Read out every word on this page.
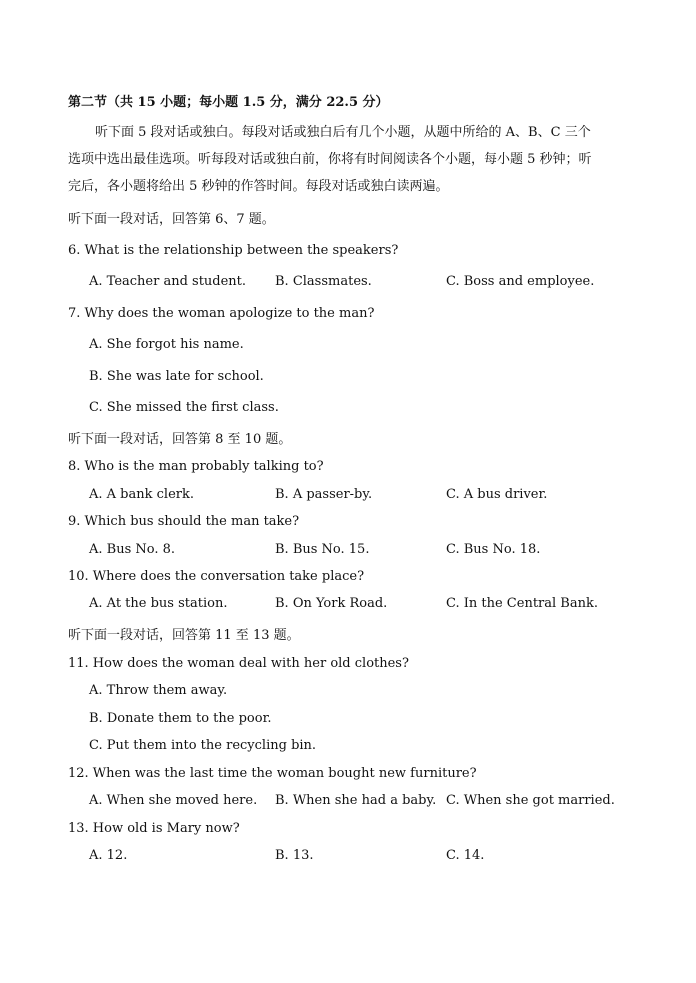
第二节（共 15 小题；每小题 1.5 分，满分 22.5 分）
听下面 5 段对话或独白。每段对话或独白后有几个小题，从题中所给的 A、B、C 三个
选项中选出最佳选项。听每段对话或独白前，你将有时间阅读各个小题，每小题 5 秒钟；听
完后，各小题将给出 5 秒钟的作答时间。每段对话或独白读两遍。
听下面一段对话，回答第 6、7 题。
6. What is the relationship between the speakers?
A. Teacher and student. B. Classmates.	C. Boss and employee.
7. Why does the woman apologize to the man?
A. She forgot his name.
B. She was late for school.
C. She missed the first class.
听下面一段对话，回答第 8 至 10 题。
8. Who is the man probably talking to?
A. A bank clerk.	B. A passer-by.	C. A bus driver.
9. Which bus should the man take?
A. Bus No. 8.	B. Bus No. 15.	C. Bus No. 18.
10. Where does the conversation take place?
A. At the bus station.	B. On York Road.	C. In the Central Bank.
听下面一段对话，回答第 11 至 13 题。
11. How does the woman deal with her old clothes?
A. Throw them away.
B. Donate them to the poor.
C. Put them into the recycling bin.
12. When was the last time the woman bought new furniture?
A. When she moved here. B. When she had a baby. C. When she got married.
13. How old is Mary now?
A. 12.	B. 13.	C. 14.
